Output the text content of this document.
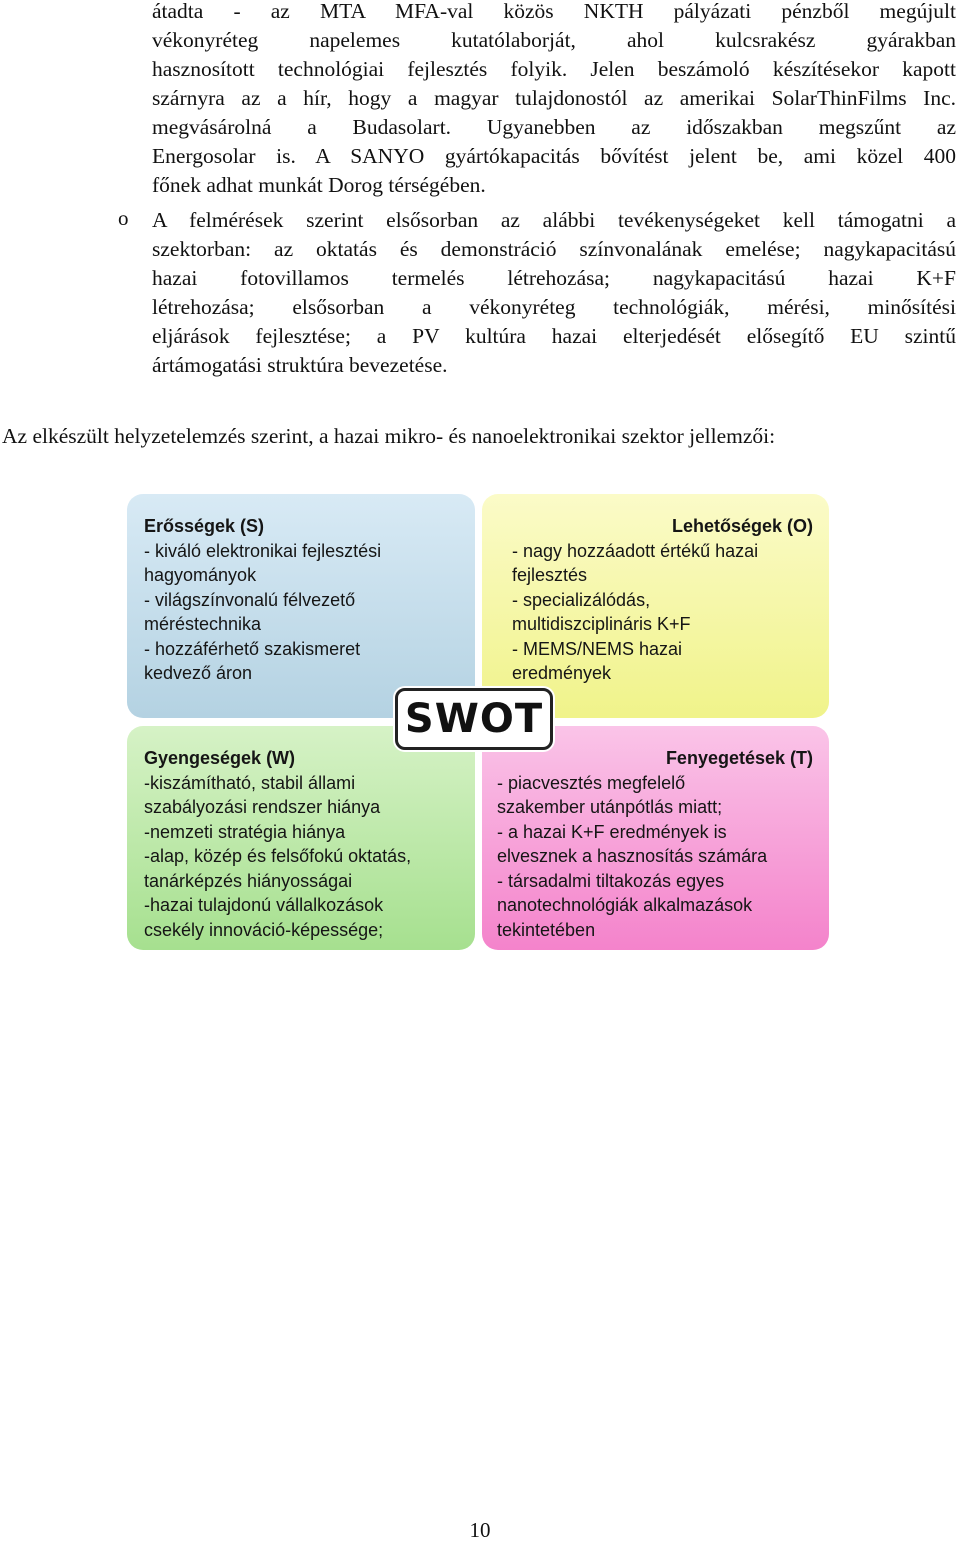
átadta - az MTA MFA-val közös NKTH pályázati pénzből megújult
vékonyréteg napelemes kutatólaborját, ahol kulcsrakész gyárakban
hasznosított technológiai fejlesztés folyik. Jelen beszámoló készítésekor kapott
szárnyra az a hír, hogy a magyar tulajdonostól az amerikai SolarThinFilms Inc.
megvásárolná a Budasolart. Ugyanebben az időszakban megszűnt az
Energosolar is. A SANYO gyártókapacitás bővítést jelent be, ami közel 400
főnek adhat munkát Dorog térségében.
o A felmérések szerint elsősorban az alábbi tevékenységeket kell támogatni a
szektorban: az oktatás és demonstráció színvonalának emelése; nagykapacitású
hazai fotovillamos termelés létrehozása; nagykapacitású hazai K+F
létrehozása; elsősorban a vékonyréteg technológiák, mérési, minősítési
eljárások fejlesztése; a PV kultúra hazai elterjedését elősegítő EU szintű
ártámogatási struktúra bevezetése.
Az elkészült helyzetelemzés szerint, a hazai mikro- és nanoelektronikai szektor jellemzői:
Erősségek (S)
- kiváló elektronikai fejlesztési
hagyományok
- világszínvonalú félvezető
méréstechnika
- hozzáférhető szakismeret
kedvező áron
Lehetőségek (O)
- nagy hozzáadott értékű hazai
fejlesztés
- specializálódás,
multidiszciplináris K+F
- MEMS/NEMS hazai
eredmények
Gyengeségek (W)
-kiszámítható, stabil állami
szabályozási rendszer hiánya
-nemzeti stratégia hiánya
-alap, közép és felsőfokú oktatás,
tanárképzés hiányosságai
-hazai tulajdonú vállalkozások
csekély innováció-képessége;
Fenyegetések (T)
- piacvesztés megfelelő
szakember utánpótlás miatt;
- a hazai K+F eredmények is
elvesznek a hasznosítás számára
- társadalmi tiltakozás egyes
nanotechnológiák alkalmazások
tekintetében
SWOT
10
